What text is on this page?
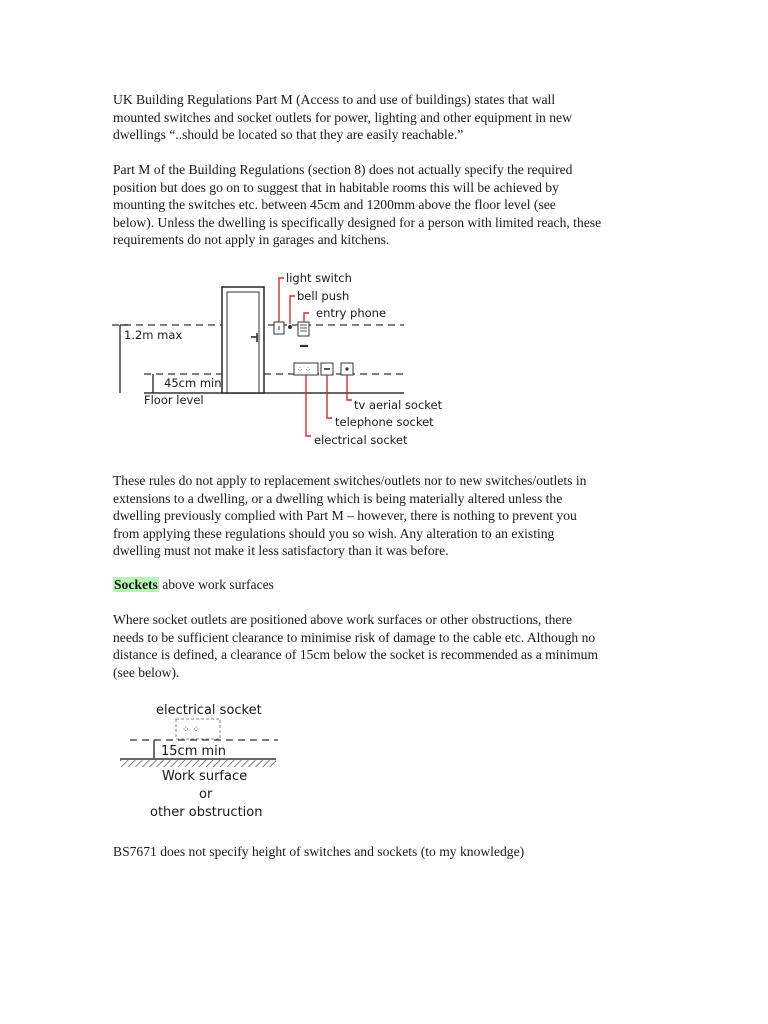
UK Building Regulations Part M (Access to and use of buildings) states that wall
mounted switches and socket outlets for power, lighting and other equipment in new
dwellings “..should be located so that they are easily reachable.”

Part M of the Building Regulations (section 8) does not actually specify the required
position but does go on to suggest that in habitable rooms this will be achieved by
mounting the switches etc. between 45cm and 1200mm above the floor level (see
below). Unless the dwelling is specifically designed for a person with limited reach, these
requirements do not apply in garages and kitchens.

1.2m max
45cm min
Floor level
⁘ ⁘
light switch
bell push
entry phone
tv aerial socket
telephone socket
electrical socket

These rules do not apply to replacement switches/outlets nor to new switches/outlets in
extensions to a dwelling, or a dwelling which is being materially altered unless the
dwelling previously complied with Part M – however, there is nothing to prevent you
from applying these regulations should you so wish. Any alteration to an existing
dwelling must not make it less satisfactory than it was before.

Sockets above work surfaces

Where socket outlets are positioned above work surfaces or other obstructions, there
needs to be sufficient clearance to minimise risk of damage to the cable etc. Although no
distance is defined, a clearance of 15cm below the socket is recommended as a minimum
(see below).

electrical socket
⁘ ⁘
15cm min
Work surface
or
other obstruction

BS7671 does not specify height of switches and sockets (to my knowledge)
